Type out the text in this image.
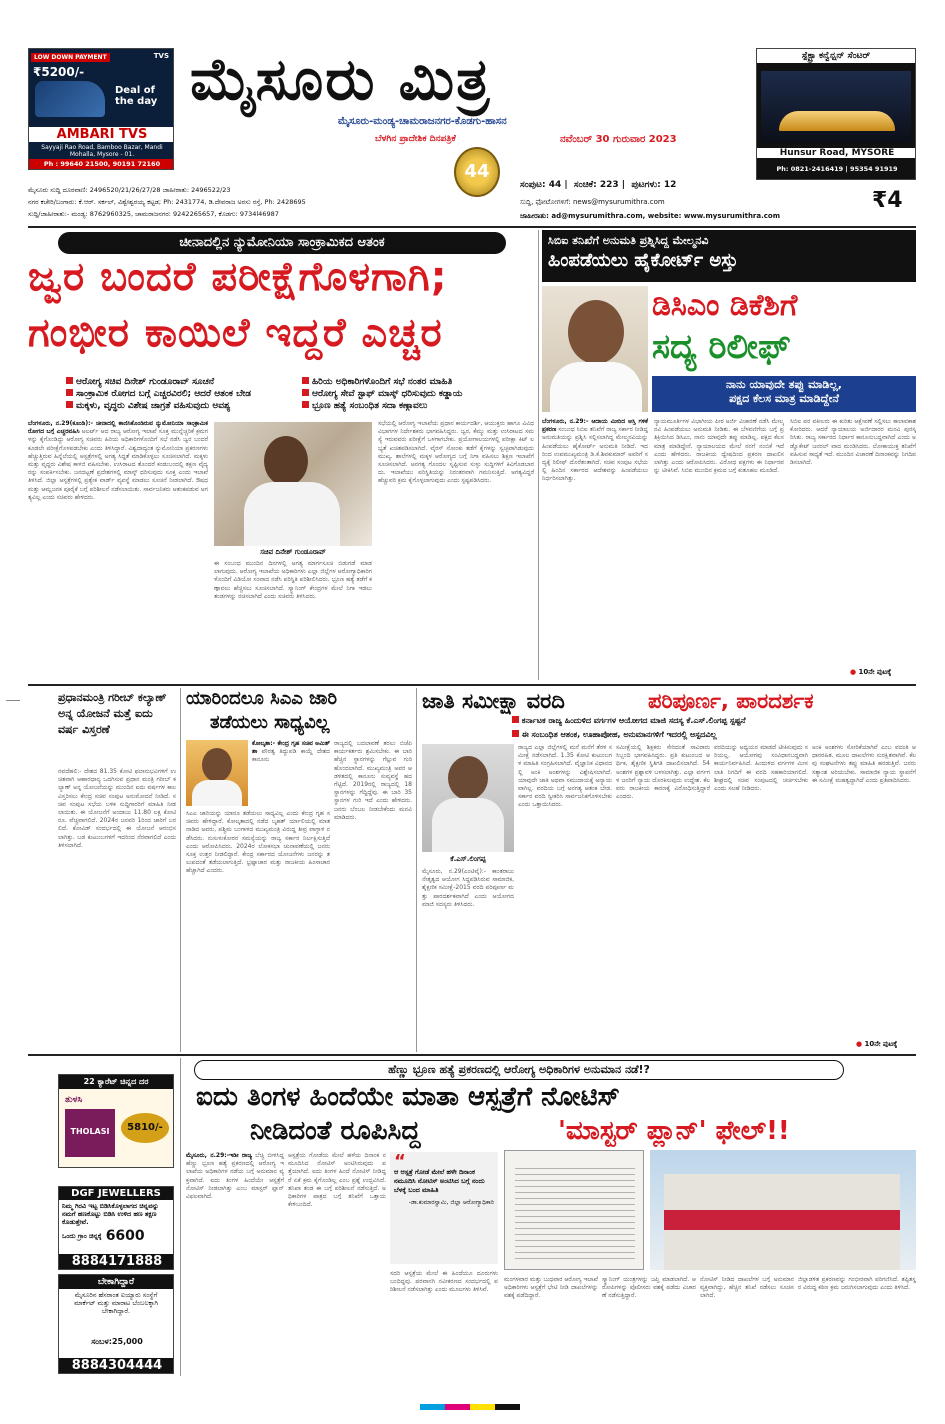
LOW DOWN PAYMENT	TVS
₹5200/-
Deal of the day
AMBARI TVS
Sayyaji Rao Road, Bamboo Bazar, Mandi Mohalla, Mysore - 01.
Ph : 99640 21500, 90191 72160
ಮೈಸೂರು ಮಿತ್ರ
ಮೈಸೂರು-ಮಂಡ್ಯ-ಚಾಮರಾಜನಗರ-ಕೊಡಗು-ಹಾಸನ
ಬೆಳಗಿನ ಪ್ರಾದೇಶಿಕ ದಿನಪತ್ರಿಕೆ	ನವೆಂಬರ್ 30 ಗುರುವಾರ 2023
44
ಸ್ಪೆಕ್ಟ್ರಾ ಕನ್ವೆನ್ಷನ್ ಸೆಂಟರ್
Hunsur Road, MYSORE
Ph: 0821-2416419 | 95354 91919
ಮೈಸೂರು ಸುದ್ದಿ ದೂರವಾಣಿ: 2496520/21/26/27/28 ಜಾಹೀರಾತು: 2496522/23
ನಗರ ಕಚೇರಿ/ಬಂಗಾರು: ಕೆ.ಆರ್. ಸರ್ಕಲ್, ವಿಶ್ವೇಶ್ವರಯ್ಯ ಕಟ್ಟಡ; Ph: 2431774, ಡಿ.ದೇವರಾಜ ಅರಸು ರಸ್ತೆ, Ph: 2428695
ಸುದ್ದಿ/ಜಾಹೀರಾತು:- ಮಂಡ್ಯ: 8762960325, ಚಾಮರಾಜನಗರ: 9242265657, ಕೊಡಗು: 9734l46987
ಸಂಪುಟ: 44 |  ಸಂಚಿಕೆ: 223 |  ಪುಟಗಳು: 12
ಸುದ್ದಿ, ಫೋಟೋಗಳಿಗೆ: news@mysurumithra.com
ಜಾಹೀರಾತು: ad@mysurumithra.com, website: www.mysurumithra.com
₹4
ಚೀನಾದಲ್ಲಿನ ನ್ಯುಮೋನಿಯಾ ಸಾಂಕ್ರಾಮಿಕದ ಆತಂಕ
ಜ್ವರ ಬಂದರೆ ಪರೀಕ್ಷೆಗೊಳಗಾಗಿ;
ಗಂಭೀರ ಕಾಯಿಲೆ ಇದ್ದರೆ ಎಚ್ಚರ
ಆರೋಗ್ಯ ಸಚಿವ ದಿನೇಶ್ ಗುಂಡೂರಾವ್ ಸೂಚನೆ	ಹಿರಿಯ ಅಧಿಕಾರಿಗಳೊಂದಿಗೆ ಸಭೆ ನಂತರ ಮಾಹಿತಿ
ಸಾಂಕ್ರಾಮಿಕ ರೋಗದ ಬಗ್ಗೆ ಎಚ್ಚರವಿರಲಿ; ಆದರೆ ಆತಂಕ ಬೇಡ	ಆರೋಗ್ಯ ಸೇವೆ ಸ್ಟಾಫ್ ಮಾಸ್ಕ್ ಧರಿಸುವುದು ಕಡ್ಡಾಯ
ಮಕ್ಕಳು, ವೃದ್ಧರು ವಿಶೇಷ ಜಾಗ್ರತೆ ವಹಿಸುವುದು ಅವಶ್ಯ	ಭ್ರೂಣ ಹತ್ಯೆ ಸಂಬಂಧಿತ ಸದಾ ಕಣ್ಗಾವಲು
ಬೆಂಗಳೂರು, ನ.29(ಕೂಂಡಿ):- ಚೀನಾದಲ್ಲಿ ಕಾಣಿಸಿಕೊಂಡಿರುವ ನ್ಯುಮೋನಿಯಾ ಸಾಂಕ್ರಾಮಿಕ ರೋಗದ ಬಗ್ಗೆ ಎಚ್ಚರವಹಿಸಿ ಅಲರ್ಟ್ ಆದ ರಾಜ್ಯ ಆರೋಗ್ಯ ಇಲಾಖೆ ಸೂಕ್ತ ಮುನ್ನೆಚ್ಚರಿಕೆ ಕ್ರಮಗಳನ್ನು ಕೈಗೊಂಡಿದ್ದು ಆರೋಗ್ಯ ಸಚಿವರು ಹಿರಿಯ ಅಧಿಕಾರಿಗಳೊಂದಿಗೆ ಸಭೆ ನಡೆಸಿ ಜ್ವರ ಬಂದರೆ ಕೂಡಲೇ ಪರೀಕ್ಷೆಗೊಳಪಡಬೇಕು ಎಂದು ತಿಳಿಸಿದ್ದಾರೆ. ವಿಶ್ವದಾದ್ಯಂತ ನ್ಯುಮೋನಿಯಾ ಪ್ರಕರಣಗಳು ಹೆಚ್ಚುತ್ತಿರುವ ಹಿನ್ನೆಲೆಯಲ್ಲಿ ಆಸ್ಪತ್ರೆಗಳಲ್ಲಿ ಅಗತ್ಯ ಸಿದ್ಧತೆ ಮಾಡಿಕೊಳ್ಳಲು ಸೂಚಿಸಲಾಗಿದೆ. ಮಕ್ಕಳು ಮತ್ತು ವೃದ್ಧರು ವಿಶೇಷ ಕಾಳಜಿ ವಹಿಸಬೇಕು. ಉಸಿರಾಟದ ತೊಂದರೆ ಕಂಡುಬಂದಲ್ಲಿ ತಕ್ಷಣ ವೈದ್ಯರನ್ನು ಸಂಪರ್ಕಿಸಬೇಕು. ಜನದಟ್ಟಣೆ ಪ್ರದೇಶಗಳಲ್ಲಿ ಮಾಸ್ಕ್ ಧರಿಸುವುದು ಸೂಕ್ತ ಎಂದು ಇಲಾಖೆ ತಿಳಿಸಿದೆ. ಜಿಲ್ಲಾ ಆಸ್ಪತ್ರೆಗಳಲ್ಲಿ ಪ್ರತ್ಯೇಕ ವಾರ್ಡ್ ವ್ಯವಸ್ಥೆ ಮಾಡಲು ಸೂಚನೆ ನೀಡಲಾಗಿದೆ. ಔಷಧ ಮತ್ತು ಆಮ್ಲಜನಕ ಪೂರೈಕೆ ಬಗ್ಗೆ ಪರಿಶೀಲನೆ ನಡೆಸಲಾಯಿತು. ಸಾರ್ವಜನಿಕರು ಆತಂಕಪಡುವ ಅಗತ್ಯವಿಲ್ಲ ಎಂದು ಸಚಿವರು ಹೇಳಿದರು.
ಸಚಿವ ದಿನೇಶ್ ಗುಂಡೂರಾವ್
ಈ ಸಂಬಂಧ ಮುಂದಿನ ದಿನಗಳಲ್ಲಿ ಅಗತ್ಯ ಮಾರ್ಗಸೂಚಿ ಬಿಡುಗಡೆ ಮಾಡಲಾಗುವುದು. ಆರೋಗ್ಯ ಇಲಾಖೆಯ ಅಧಿಕಾರಿಗಳು ಎಲ್ಲಾ ಜಿಲ್ಲೆಗಳ ಆರೋಗ್ಯಾಧಿಕಾರಿಗಳೊಂದಿಗೆ ವಿಡಿಯೋ ಸಂವಾದ ನಡೆಸಿ ಪರಿಸ್ಥಿತಿ ಪರಿಶೀಲಿಸಿದರು. ಭ್ರೂಣ ಹತ್ಯೆ ತಡೆಗೆ ಕಣ್ಗಾವಲು ಹೆಚ್ಚಿಸಲು ಸೂಚಿಸಲಾಗಿದೆ. ಸ್ಕ್ಯಾನಿಂಗ್ ಕೇಂದ್ರಗಳ ಮೇಲೆ ನಿಗಾ ಇಡಲು ತಂಡಗಳನ್ನು ರಚಿಸಲಾಗಿದೆ ಎಂದು ಸಚಿವರು ತಿಳಿಸಿದರು.
ಸಭೆಯಲ್ಲಿ ಆರೋಗ್ಯ ಇಲಾಖೆಯ ಪ್ರಧಾನ ಕಾರ್ಯದರ್ಶಿ, ಆಯುಕ್ತರು ಹಾಗೂ ವಿವಿಧ ವಿಭಾಗಗಳ ನಿರ್ದೇಶಕರು ಭಾಗವಹಿಸಿದ್ದರು. ಜ್ವರ, ಕೆಮ್ಮು ಮತ್ತು ಉಸಿರಾಟದ ಸಮಸ್ಯೆ ಇರುವವರು ಪರೀಕ್ಷೆಗೆ ಒಳಗಾಗಬೇಕು. ಪ್ರಯೋಗಾಲಯಗಳಲ್ಲಿ ಪರೀಕ್ಷಾ ಕಿಟ್ ಲಭ್ಯತೆ ಖಚಿತಪಡಿಸಲಾಗಿದೆ. ವೈರಸ್ ಸೋಂಕು ತಡೆಗೆ ಕೈಗಳನ್ನು ಸ್ವಚ್ಛವಾಗಿಡುವುದು ಮುಖ್ಯ. ಶಾಲೆಗಳಲ್ಲಿ ಮಕ್ಕಳ ಆರೋಗ್ಯದ ಬಗ್ಗೆ ನಿಗಾ ವಹಿಸಲು ಶಿಕ್ಷಣ ಇಲಾಖೆಗೆ ಸೂಚಿಸಲಾಗಿದೆ. ಅನಗತ್ಯ ಗೊಂದಲ ಸೃಷ್ಟಿಸುವ ಸುಳ್ಳು ಸುದ್ದಿಗಳಿಗೆ ಕಿವಿಗೊಡಬಾರದು. ಇಲಾಖೆಯು ಪರಿಸ್ಥಿತಿಯನ್ನು ನಿರಂತರವಾಗಿ ಗಮನಿಸುತ್ತಿದೆ. ಅಗತ್ಯವಿದ್ದರೆ ಹೆಚ್ಚುವರಿ ಕ್ರಮ ಕೈಗೊಳ್ಳಲಾಗುವುದು ಎಂದು ಸ್ಪಷ್ಟಪಡಿಸಿದರು.
ಸಿಬಿಐ ತನಿಖೆಗೆ ಅನುಮತಿ ಪ್ರಶ್ನಿಸಿದ್ದ ಮೇಲ್ಮನವಿ
ಹಿಂಪಡೆಯಲು ಹೈಕೋರ್ಟ್ ಅಸ್ತು
ಡಿಸಿಎಂ ಡಿಕೆಶಿಗೆ
ಸದ್ಯ ರಿಲೀಫ್
ನಾನು ಯಾವುದೇ ತಪ್ಪು ಮಾಡಿಲ್ಲ,
ಪಕ್ಷದ ಕೆಲಸ ಮಾತ್ರ ಮಾಡಿದ್ದೇನೆ
ಬೆಂಗಳೂರು, ನ.29:- ಆದಾಯ ಮೀರಿದ ಆಸ್ತಿ ಗಳಿಕೆ ಪ್ರಕರಣ ಸಂಬಂಧ ಸಿಬಿಐ ತನಿಖೆಗೆ ರಾಜ್ಯ ಸರ್ಕಾರ ನೀಡಿದ್ದ ಅನುಮತಿಯನ್ನು ಪ್ರಶ್ನಿಸಿ ಸಲ್ಲಿಸಲಾಗಿದ್ದ ಮೇಲ್ಮನವಿಯನ್ನು ಹಿಂಪಡೆಯಲು ಹೈಕೋರ್ಟ್ ಅನುಮತಿ ನೀಡಿದೆ. ಇದರಿಂದ ಉಪಮುಖ್ಯಮಂತ್ರಿ ಡಿ.ಕೆ.ಶಿವಕುಮಾರ್ ಅವರಿಗೆ ಸದ್ಯಕ್ಕೆ ರಿಲೀಫ್ ದೊರೆತಂತಾಗಿದೆ. ಸಚಿವ ಸಂಪುಟ ಸಭೆಯಲ್ಲಿ ಹಿಂದಿನ ಸರ್ಕಾರದ ಆದೇಶವನ್ನು ಹಿಂಪಡೆಯಲು ನಿರ್ಧರಿಸಲಾಗಿತ್ತು.
ನ್ಯಾಯಮೂರ್ತಿಗಳ ವಿಭಾಗೀಯ ಪೀಠ ಅರ್ಜಿ ವಿಚಾರಣೆ ನಡೆಸಿ ಮೇಲ್ಮನವಿ ಹಿಂಪಡೆಯಲು ಅನುಮತಿ ನೀಡಿತು. ಈ ಬೆಳವಣಿಗೆಯ ಬಗ್ಗೆ ಪ್ರತಿಕ್ರಿಯಿಸಿದ ಡಿಸಿಎಂ, ನಾನು ಯಾವುದೇ ತಪ್ಪು ಮಾಡಿಲ್ಲ. ಪಕ್ಷದ ಕೆಲಸ ಮಾತ್ರ ಮಾಡಿದ್ದೇನೆ. ನ್ಯಾಯಾಲಯದ ಮೇಲೆ ನನಗೆ ನಂಬಿಕೆ ಇದೆ ಎಂದು ಹೇಳಿದರು. ರಾಜಕೀಯ ದ್ವೇಷದಿಂದ ಪ್ರಕರಣ ದಾಖಲಿಸಲಾಗಿತ್ತು ಎಂದು ಆರೋಪಿಸಿದರು. ವಿರೋಧ ಪಕ್ಷಗಳು ಈ ನಿರ್ಧಾರವನ್ನು ಟೀಕಿಸಿವೆ. ಸಿಬಿಐ ಮುಂದಿನ ಕ್ರಮದ ಬಗ್ಗೆ ಕುತೂಹಲ ಮೂಡಿದೆ.
ಸಿಬಿಐ ಪರ ವಕೀಲರು ಈ ಕುರಿತು ಆಕ್ಷೇಪಣೆ ಸಲ್ಲಿಸಲು ಕಾಲಾವಕಾಶ ಕೋರಿದರು. ಆದರೆ ನ್ಯಾಯಾಲಯ ಅರ್ಜಿದಾರರ ಮನವಿ ಪುರಸ್ಕರಿಸಿತು. ರಾಜ್ಯ ಸರ್ಕಾರದ ನಿರ್ಧಾರ ಕಾನೂನುಬದ್ಧವಾಗಿದೆ ಎಂದು ಅಡ್ವೊಕೇಟ್ ಜನರಲ್ ವಾದ ಮಂಡಿಸಿದರು. ಲೋಕಾಯುಕ್ತ ತನಿಖೆಗೆ ವಹಿಸುವ ಸಾಧ್ಯತೆ ಇದೆ. ಮುಂದಿನ ವಿಚಾರಣೆ ದಿನಾಂಕವನ್ನು ನಿಗದಿಪಡಿಸಲಾಗಿದೆ.
● 10ನೇ ಪುಟಕ್ಕೆ
ಪ್ರಧಾನಮಂತ್ರಿ ಗರೀಬ್ ಕಲ್ಯಾಣ್ ಅನ್ನ ಯೋಜನೆ ಮತ್ತೆ ಐದು ವರ್ಷ ವಿಸ್ತರಣೆ
ನವದೆಹಲಿ:- ದೇಶದ 81.35 ಕೋಟಿ ಫಲಾನುಭವಿಗಳಿಗೆ ಉಚಿತವಾಗಿ ಆಹಾರಧಾನ್ಯ ಒದಗಿಸುವ ಪ್ರಧಾನ ಮಂತ್ರಿ ಗರೀಬ್ ಕಲ್ಯಾಣ್ ಅನ್ನ ಯೋಜನೆಯನ್ನು ಮುಂದಿನ ಐದು ವರ್ಷಗಳ ಕಾಲ ವಿಸ್ತರಿಸಲು ಕೇಂದ್ರ ಸಚಿವ ಸಂಪುಟ ಅನುಮೋದನೆ ನೀಡಿದೆ. ಸಚಿವ ಸಂಪುಟ ಸಭೆಯ ಬಳಿಕ ಸುದ್ದಿಗಾರರಿಗೆ ಮಾಹಿತಿ ನೀಡಲಾಯಿತು. ಈ ಯೋಜನೆಗೆ ಅಂದಾಜು 11.80 ಲಕ್ಷ ಕೋಟಿ ರೂ. ವೆಚ್ಚವಾಗಲಿದೆ. 2024ರ ಜನವರಿ 1ರಿಂದ ಜಾರಿಗೆ ಬರಲಿದೆ. ಕೋವಿಡ್ ಸಂದರ್ಭದಲ್ಲಿ ಈ ಯೋಜನೆ ಆರಂಭಿಸಲಾಗಿತ್ತು. ಬಡ ಕುಟುಂಬಗಳಿಗೆ ಇದರಿಂದ ನೆರವಾಗಲಿದೆ ಎಂದು ತಿಳಿಸಲಾಗಿದೆ.
ಯಾರಿಂದಲೂ ಸಿಎಎ ಜಾರಿ
ತಡೆಯಲು ಸಾಧ್ಯವಿಲ್ಲ
ಕೋಲ್ಕತಾ:- ಕೇಂದ್ರ ಗೃಹ ಸಚಿವ ಅಮಿತ್ ಶಾ ಪೌರತ್ವ ತಿದ್ದುಪಡಿ ಕಾಯ್ದೆ ದೇಶದ ಕಾನೂನು
ಸಿಎಎ ಜಾರಿಯನ್ನು ಯಾರೂ ತಡೆಯಲು ಸಾಧ್ಯವಿಲ್ಲ ಎಂದು ಕೇಂದ್ರ ಗೃಹ ಸಚಿವರು ಹೇಳಿದ್ದಾರೆ. ಕೋಲ್ಕತಾದಲ್ಲಿ ನಡೆದ ಬೃಹತ್ ರ್ಯಾಲಿಯಲ್ಲಿ ಮಾತನಾಡಿದ ಅವರು, ಪಶ್ಚಿಮ ಬಂಗಾಳದ ಮುಖ್ಯಮಂತ್ರಿ ವಿರುದ್ಧ ತೀವ್ರ ವಾಗ್ದಾಳಿ ನಡೆಸಿದರು. ನುಸುಳುಕೋರರ ಸಮಸ್ಯೆಯನ್ನು ರಾಜ್ಯ ಸರ್ಕಾರ ನಿರ್ಲಕ್ಷಿಸುತ್ತಿದೆ ಎಂದು ಆರೋಪಿಸಿದರು. 2024ರ ಲೋಕಸಭಾ ಚುನಾವಣೆಯಲ್ಲಿ ಜನರು ಸೂಕ್ತ ಉತ್ತರ ನೀಡಲಿದ್ದಾರೆ. ಕೇಂದ್ರ ಸರ್ಕಾರದ ಯೋಜನೆಗಳು ಜನರನ್ನು ತಲುಪದಂತೆ ತಡೆಯಲಾಗುತ್ತಿದೆ. ಭ್ರಷ್ಟಾಚಾರ ಮತ್ತು ರಾಜಕೀಯ ಹಿಂಸಾಚಾರ ಹೆಚ್ಚಾಗಿದೆ ಎಂದರು.
ರಾಜ್ಯದಲ್ಲಿ ಬದಲಾವಣೆ ತರಲು ಬಿಜೆಪಿ ಕಾರ್ಯಕರ್ತರು ಶ್ರಮಿಸಬೇಕು. ಈ ಬಾರಿ ಹೆಚ್ಚಿನ ಸ್ಥಾನಗಳನ್ನು ಗೆಲ್ಲುವ ಗುರಿ ಹೊಂದಲಾಗಿದೆ. ಮುಖ್ಯಮಂತ್ರಿ ಅವರ ಆಡಳಿತದಲ್ಲಿ ಕಾನೂನು ಸುವ್ಯವಸ್ಥೆ ಹದಗೆಟ್ಟಿದೆ. 2019ರಲ್ಲಿ ರಾಜ್ಯದಲ್ಲಿ 18 ಸ್ಥಾನಗಳನ್ನು ಗೆದ್ದಿದ್ದೆವು. ಈ ಬಾರಿ 35 ಸ್ಥಾನಗಳ ಗುರಿ ಇದೆ ಎಂದು ಹೇಳಿದರು. ಜನರು ಬೆಂಬಲ ನೀಡಬೇಕೆಂದು ಮನವಿ ಮಾಡಿದರು.
ಜಾತಿ ಸಮೀಕ್ಷಾ ವರದಿ	ಪರಿಪೂರ್ಣ, ಪಾರದರ್ಶಕ
ಕರ್ನಾಟಕ ರಾಜ್ಯ ಹಿಂದುಳಿದ ವರ್ಗಗಳ ಆಯೋಗದ ಮಾಜಿ ಸದಸ್ಯ ಕೆ.ಎಸ್.ಲಿಂಗಪ್ಪ ಸ್ಪಷ್ಟನೆ
ಈ ಸಂಬಂಧಿತ ಆತಂಕ, ಊಹಾಪೋಹ, ಅನುಮಾನಗಳಿಗೆ ಇದರಲ್ಲಿ ಅಸ್ಪದವಿಲ್ಲ
ಕೆ.ಎಸ್.ಲಿಂಗಪ್ಪ
ಮೈಸೂರು, ನ.29(ಎಂಟಿವೈ):- ಕಾಂತರಾಜು ನೇತೃತ್ವದ ಆಯೋಗ ಸಿದ್ಧಪಡಿಸಿರುವ ಸಾಮಾಜಿಕ, ಶೈಕ್ಷಣಿಕ ಸಮೀಕ್ಷೆ-2015 ವರದಿ ಪರಿಪೂರ್ಣ ಮತ್ತು ಪಾರದರ್ಶಕವಾಗಿದೆ ಎಂದು ಆಯೋಗದ ಮಾಜಿ ಸದಸ್ಯರು ತಿಳಿಸಿದರು.
ರಾಜ್ಯದ ಎಲ್ಲಾ ಜಿಲ್ಲೆಗಳಲ್ಲಿ ಮನೆ ಮನೆಗೆ ತೆರಳಿ ಸಮೀಕ್ಷೆ ನಡೆಸಲಾಗಿದೆ. 1.35 ಕೋಟಿ ಕುಟುಂಬಗಳ ಮಾಹಿತಿ ಸಂಗ್ರಹಿಸಲಾಗಿದೆ. ವೈಜ್ಞಾನಿಕ ವಿಧಾನದಲ್ಲಿ ಅಂಕಿ ಅಂಶಗಳನ್ನು ವಿಶ್ಲೇಷಿಸಲಾಗಿದೆ. ಯಾವುದೇ ಜಾತಿ ಅಥವಾ ಸಮುದಾಯಕ್ಕೆ ಅನ್ಯಾಯವಾಗಿಲ್ಲ. ವರದಿಯ ಬಗ್ಗೆ ಅನಗತ್ಯ ಆತಂಕ ಬೇಡ. ಸರ್ಕಾರ ವರದಿ ಸ್ವೀಕರಿಸಿ ಸಾರ್ವಜನಿಕಗೊಳಿಸಬೇಕು ಎಂದು ಒತ್ತಾಯಿಸಿದರು.
ಸಮೀಕ್ಷೆಯಲ್ಲಿ ಶಿಕ್ಷಕರು ಸೇರಿದಂತೆ ಸಾವಿರಾರು ಸಿಬ್ಬಂದಿ ಭಾಗವಹಿಸಿದ್ದರು. ಪ್ರತಿ ಕುಟುಂಬದ ಆರ್ಥಿಕ, ಶೈಕ್ಷಣಿಕ ಸ್ಥಿತಿಗತಿ ದಾಖಲಿಸಲಾಗಿದೆ. 54 ಅಂಶಗಳ ಪ್ರಶ್ನಾವಳಿ ಬಳಸಲಾಗಿತ್ತು. ಎಲ್ಲಾ ವರ್ಗಗಳ ಜನರಿಗೆ ನ್ಯಾಯ ದೊರಕಿಸುವುದು ಉದ್ದೇಶ. ಕೆಲವರು ರಾಜಕೀಯ ಕಾರಣಕ್ಕೆ ವಿರೋಧಿಸುತ್ತಿದ್ದಾರೆ ಎಂದರು.
ವರದಿಯನ್ನು ಅಧ್ಯಯನ ಮಾಡದೆ ಟೀಕಿಸುವುದು ಸರಿಯಲ್ಲ. ಆಯೋಗವು ಸಂವಿಧಾನಬದ್ಧವಾಗಿ ಕಾರ್ಯನಿರ್ವಹಿಸಿದೆ. ಹಿಂದುಳಿದ ವರ್ಗಗಳ ಮೀಸಲಾತಿ ನಿಗದಿಗೆ ಈ ವರದಿ ಸಹಕಾರಿಯಾಗಲಿದೆ. ಶೀಘ್ರದಲ್ಲಿ ಸಚಿವ ಸಂಪುಟದಲ್ಲಿ ಚರ್ಚಿಸಬೇಕು ಎಂದು ಸಲಹೆ ನೀಡಿದರು.
ಅಂಕಿ ಅಂಶಗಳು ಸೋರಿಕೆಯಾಗಿವೆ ಎಂಬ ವದಂತಿ ಆಧಾರರಹಿತ. ಮೂಲ ದಾಖಲೆಗಳು ಸುರಕ್ಷಿತವಾಗಿವೆ. ಕೆಲವು ಸಂಘಟನೆಗಳು ತಪ್ಪು ಮಾಹಿತಿ ಹರಡುತ್ತಿವೆ. ಜನರು ಸತ್ಯಾಂಶ ಅರಿಯಬೇಕು. ಸಾಮಾಜಿಕ ನ್ಯಾಯ ಸ್ಥಾಪನೆಗೆ ಈ ಸಮೀಕ್ಷೆ ಮಹತ್ವದ್ದಾಗಿದೆ ಎಂದು ಪ್ರತಿಪಾದಿಸಿದರು.
● 10ನೇ ಪುಟಕ್ಕೆ
22 ಕ್ಯಾರೆಟ್ ಚಿನ್ನದ ದರ
ತುಳಸಿ
THOLASI	5810/-
DGF JEWELLERS
ನಿಮ್ಮ ಗಿರವಿ ಇಟ್ಟ ಬಿಡಿಸಿಕೊಳ್ಳಲಾಗದ ಚಿನ್ನವನ್ನು ನಮಗೆ ಹಣಕೊಟ್ಟು ಬಿಡಿಸಿ ಉಳಿದ ಹಣ ತಕ್ಷಣ ಕೊಡುತ್ತೇವೆ.
ಒಂದು ಗ್ರಾಂ ಚಿನ್ನಕ್ಕೆ 6600
8884171888
ಬೇಕಾಗಿದ್ದಾರೆ
ಮೈಸೂರಿನ ಹೆಸರಾಂತ ಐಯ್ಯಾರು ಸಂಸ್ಥೆಗೆ ಮಾರ್ಕೆಟ್ ಮತ್ತು ಮಾರಾಟ ಬೆಂಬಲಕ್ಕಾಗಿ ಬೇಕಾಗಿದ್ದಾರೆ.
ಸಂಬಳ:25,000
8884304444
ಹೆಣ್ಣು ಭ್ರೂಣ ಹತ್ಯೆ ಪ್ರಕರಣದಲ್ಲಿ ಆರೋಗ್ಯ ಅಧಿಕಾರಿಗಳ ಅನುಮಾನ ನಡೆ!?
ಐದು ತಿಂಗಳ ಹಿಂದೆಯೇ ಮಾತಾ ಆಸ್ಪತ್ರೆಗೆ ನೋಟಿಸ್
ನೀಡಿದಂತೆ ರೂಪಿಸಿದ್ದ	'ಮಾಸ್ಟರ್ ಪ್ಲಾನ್' ಫೇಲ್!!
ಮೈಸೂರು, ನ.29:-ಇಡೀ ರಾಜ್ಯ ಬೆಚ್ಚಿ ಬೀಳಿಸಿದ್ದ ಹೆಣ್ಣು ಭ್ರೂಣ ಹತ್ಯೆ ಪ್ರಕರಣದಲ್ಲಿ ಆರೋಗ್ಯ ಇಲಾಖೆಯ ಅಧಿಕಾರಿಗಳ ನಡೆಯ ಬಗ್ಗೆ ಅನುಮಾನ ವ್ಯಕ್ತವಾಗಿದೆ. ಐದು ತಿಂಗಳ ಹಿಂದೆಯೇ ಆಸ್ಪತ್ರೆಗೆ ನೋಟಿಸ್ ನೀಡಲಾಗಿತ್ತು ಎಂಬ ಮಾಸ್ಟರ್ ಪ್ಲಾನ್ ವಿಫಲವಾಗಿದೆ.
ಆಸ್ಪತ್ರೆಯ ಗೋಡೆಯ ಮೇಲೆ ಹಳೆಯ ದಿನಾಂಕ ನಮೂದಿಸಿದ ನೋಟಿಸ್ ಅಂಟಿಸಿರುವುದು ಪತ್ತೆಯಾಗಿದೆ. ಐದು ತಿಂಗಳ ಹಿಂದೆ ನೋಟಿಸ್ ನೀಡಿದ್ದರೆ ಏಕೆ ಕ್ರಮ ಕೈಗೊಂಡಿಲ್ಲ ಎಂಬ ಪ್ರಶ್ನೆ ಉದ್ಭವಿಸಿದೆ. ತನಿಖಾ ತಂಡ ಈ ಬಗ್ಗೆ ಪರಿಶೀಲನೆ ನಡೆಸುತ್ತಿದೆ. ಅಧಿಕಾರಿಗಳ ಪಾತ್ರದ ಬಗ್ಗೆ ತನಿಖೆಗೆ ಒತ್ತಾಯ ಕೇಳಿಬಂದಿದೆ.
“
ಆ ಆಸ್ಪತ್ರೆ ಗೋಡೆ ಮೇಲೆ ಹಳೇ ದಿನಾಂಕ ನಮೂದಿಸಿ ನೋಟಿಸ್ ಅಂಟಿಸಿದ ಬಗ್ಗೆ ನಂದು ಬೆಳಕ್ಕೆ ಬಂದ ಮಾಹಿತಿ
-ಡಾ.ಕುಮಾರಸ್ವಾಮಿ, ಜಿಲ್ಲಾ ಆರೋಗ್ಯಾಧಿಕಾರಿ
ಸದರಿ ಆಸ್ಪತ್ರೆಯ ಮೇಲೆ ಈ ಹಿಂದೆಯೂ ದೂರುಗಳು ಬಂದಿದ್ದವು. ಪರವಾನಗಿ ನವೀಕರಣದ ಸಂದರ್ಭದಲ್ಲಿ ಪರಿಶೀಲನೆ ನಡೆಸಲಾಗಿತ್ತು ಎಂದು ಮೂಲಗಳು ತಿಳಿಸಿವೆ.
ಮಂಗಳವಾರ ಮತ್ತು ಬುಧವಾರ ಆರೋಗ್ಯ ಇಲಾಖೆ ಅಧಿಕಾರಿಗಳು ಆಸ್ಪತ್ರೆಗೆ ಭೇಟಿ ನೀಡಿ ದಾಖಲೆಗಳನ್ನು ವಶಕ್ಕೆ ಪಡೆದಿದ್ದಾರೆ.
ಸ್ಕ್ಯಾನಿಂಗ್ ಯಂತ್ರಗಳನ್ನು ಜಪ್ತಿ ಮಾಡಲಾಗಿದೆ. ಆರೋಪಿಗಳನ್ನು ಪೊಲೀಸರು ವಶಕ್ಕೆ ಪಡೆದು ವಿಚಾರಣೆ ನಡೆಸುತ್ತಿದ್ದಾರೆ.
ನೋಟಿಸ್ ನೀಡಿದ ದಾಖಲೆಗಳ ಬಗ್ಗೆ ಅನುಮಾನ ವ್ಯಕ್ತವಾಗಿದ್ದು, ಹೆಚ್ಚಿನ ತನಿಖೆ ನಡೆಸಲು ಸೂಚಿಸಲಾಗಿದೆ.
ಜಿಲ್ಲಾಡಳಿತ ಪ್ರಕರಣವನ್ನು ಗಂಭೀರವಾಗಿ ಪರಿಗಣಿಸಿದೆ. ತಪ್ಪಿತಸ್ಥರ ವಿರುದ್ಧ ಕಠಿಣ ಕ್ರಮ ಜರುಗಿಸಲಾಗುವುದು ಎಂದು ತಿಳಿಸಿದೆ.
